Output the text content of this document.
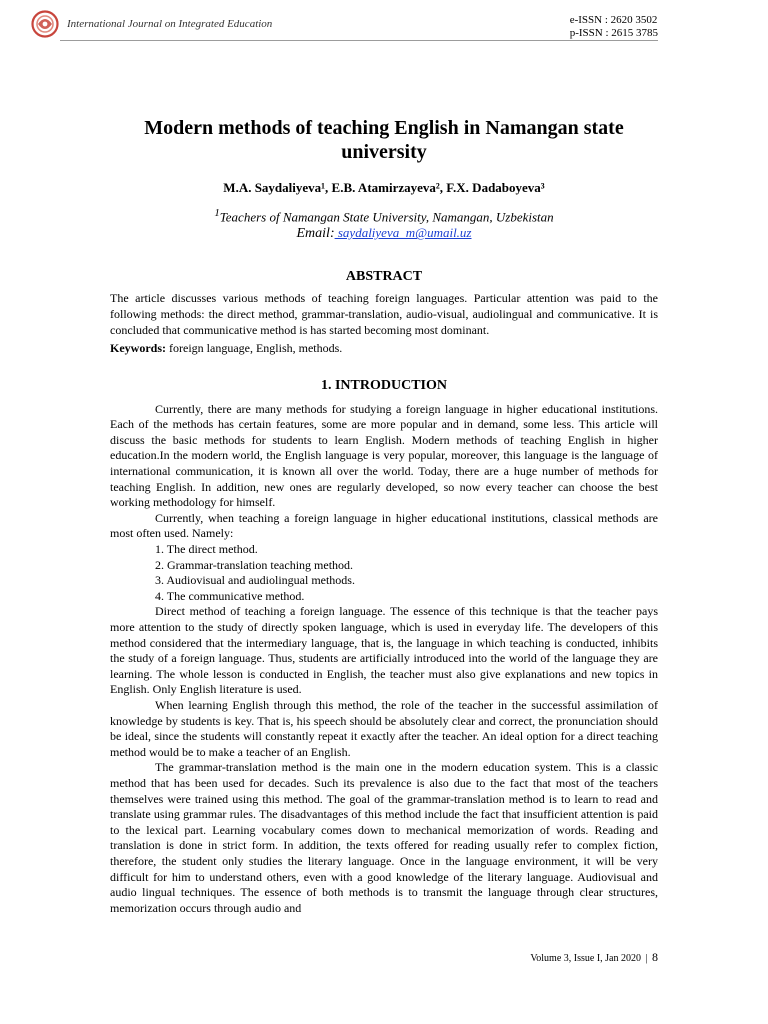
International Journal on Integrated Education	e-ISSN : 2620 3502
p-ISSN : 2615 3785
Modern methods of teaching English in Namangan state university
M.A. Saydaliyeva¹, E.B. Atamirzayeva², F.X. Dadaboyeva³
$^1$Teachers of Namangan State University, Namangan, Uzbekistan
Email: saydaliyeva_m@umail.uz
ABSTRACT

The article discusses various methods of teaching foreign languages. Particular attention was paid to the following methods: the direct method, grammar-translation, audio-visual, audiolingual and communicative. It is concluded that communicative method is has started becoming most dominant.

Keywords: foreign language, English, methods.

1. INTRODUCTION

Currently, there are many methods for studying a foreign language in higher educational institutions. Each of the methods has certain features, some are more popular and in demand, some less. This article will discuss the basic methods for students to learn English. Modern methods of teaching English in higher education.In the modern world, the English language is very popular, moreover, this language is the language of international communication, it is known all over the world. Today, there are a huge number of methods for teaching English. In addition, new ones are regularly developed, so now every teacher can choose the best working methodology for himself.

Currently, when teaching a foreign language in higher educational institutions, classical methods are most often used. Namely:

1. The direct method.
2. Grammar-translation teaching method.
3. Audiovisual and audiolingual methods.
4. The communicative method.

Direct method of teaching a foreign language. The essence of this technique is that the teacher pays more attention to the study of directly spoken language, which is used in everyday life. The developers of this method considered that the intermediary language, that is, the language in which teaching is conducted, inhibits the study of a foreign language. Thus, students are artificially introduced into the world of the language they are learning. The whole lesson is conducted in English, the teacher must also give explanations and new topics in English. Only English literature is used.

When learning English through this method, the role of the teacher in the successful assimilation of knowledge by students is key. That is, his speech should be absolutely clear and correct, the pronunciation should be ideal, since the students will constantly repeat it exactly after the teacher. An ideal option for a direct teaching method would be to make a teacher of an English.

The grammar-translation method is the main one in the modern education system. This is a classic method that has been used for decades. Such its prevalence is also due to the fact that most of the teachers themselves were trained using this method. The goal of the grammar-translation method is to learn to read and translate using grammar rules. The disadvantages of this method include the fact that insufficient attention is paid to the lexical part. Learning vocabulary comes down to mechanical memorization of words. Reading and translation is done in strict form. In addition, the texts offered for reading usually refer to complex fiction, therefore, the student only studies the literary language. Once in the language environment, it will be very difficult for him to understand others, even with a good knowledge of the literary language. Audiovisual and audio lingual techniques. The essence of both methods is to transmit the language through clear structures, memorization occurs through audio and

Volume 3, Issue I, Jan 2020 | 8
